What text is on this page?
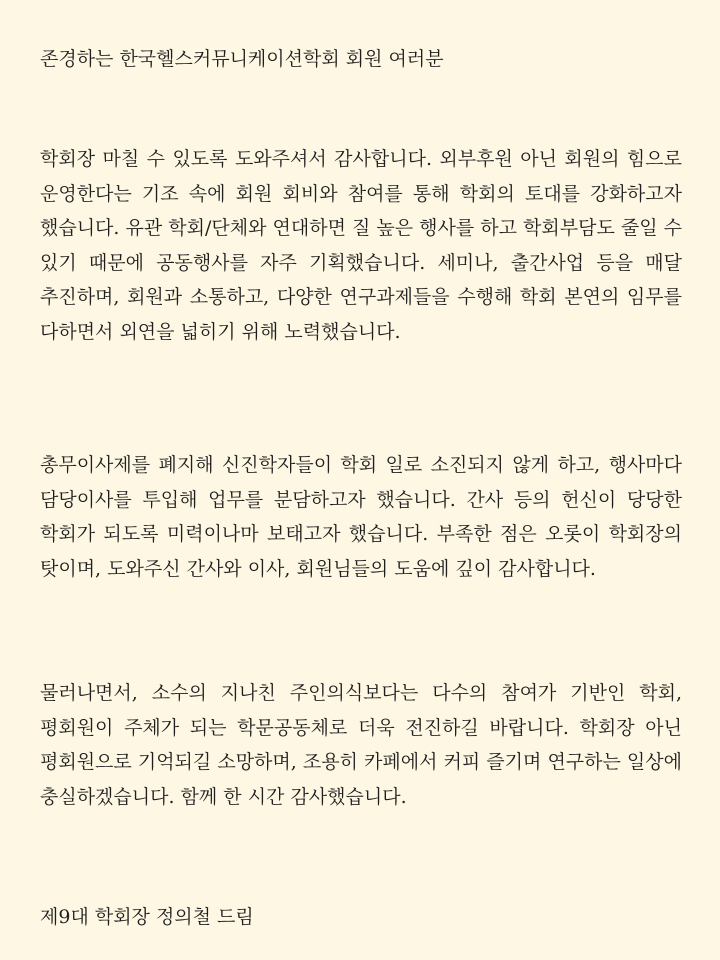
존경하는 한국헬스커뮤니케이션학회 회원 여러분

학회장 마칠 수 있도록 도와주셔서 감사합니다. 외부후원 아닌 회원의 힘으로 운영한다는 기조 속에 회원 회비와 참여를 통해 학회의 토대를 강화하고자 했습니다. 유관 학회/단체와 연대하면 질 높은 행사를 하고 학회부담도 줄일 수 있기 때문에 공동행사를 자주 기획했습니다. 세미나, 출간사업 등을 매달 추진하며, 회원과 소통하고, 다양한 연구과제들을 수행해 학회 본연의 임무를 다하면서 외연을 넓히기 위해 노력했습니다.

총무이사제를 폐지해 신진학자들이 학회 일로 소진되지 않게 하고, 행사마다 담당이사를 투입해 업무를 분담하고자 했습니다. 간사 등의 헌신이 당당한 학회가 되도록 미력이나마 보태고자 했습니다. 부족한 점은 오롯이 학회장의 탓이며, 도와주신 간사와 이사, 회원님들의 도움에 깊이 감사합니다.

물러나면서, 소수의 지나친 주인의식보다는 다수의 참여가 기반인 학회, 평회원이 주체가 되는 학문공동체로 더욱 전진하길 바랍니다. 학회장 아닌 평회원으로 기억되길 소망하며, 조용히 카페에서 커피 즐기며 연구하는 일상에 충실하겠습니다. 함께 한 시간 감사했습니다.

제9대 학회장 정의철 드림
